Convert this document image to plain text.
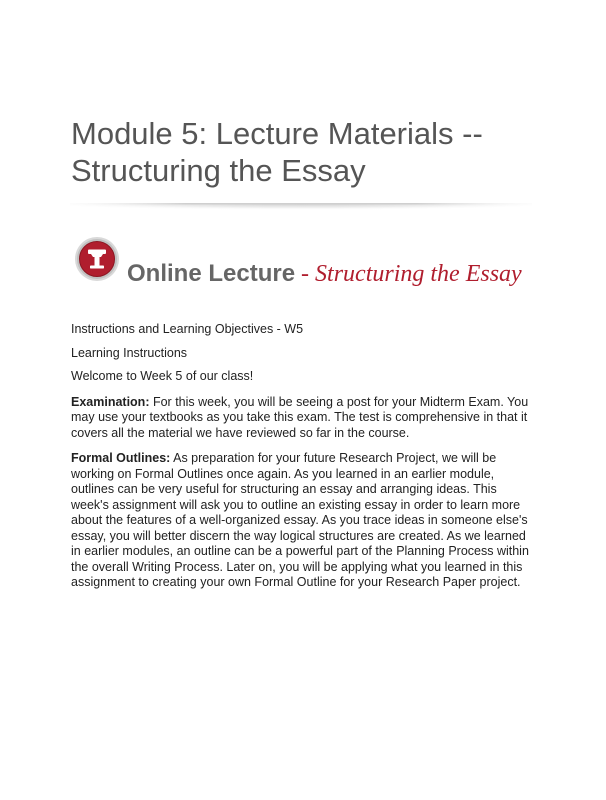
Module 5: Lecture Materials --
Structuring the Essay
Online Lecture - Structuring the Essay

Instructions and Learning Objectives - W5

Learning Instructions

Welcome to Week 5 of our class!

Examination: For this week, you will be seeing a post for your Midterm Exam. You may use your textbooks as you take this exam. The test is comprehensive in that it covers all the material we have reviewed so far in the course.

Formal Outlines: As preparation for your future Research Project, we will be working on Formal Outlines once again. As you learned in an earlier module, outlines can be very useful for structuring an essay and arranging ideas. This week's assignment will ask you to outline an existing essay in order to learn more about the features of a well-organized essay. As you trace ideas in someone else's essay, you will better discern the way logical structures are created. As we learned in earlier modules, an outline can be a powerful part of the Planning Process within the overall Writing Process. Later on, you will be applying what you learned in this assignment to creating your own Formal Outline for your Research Paper project.
